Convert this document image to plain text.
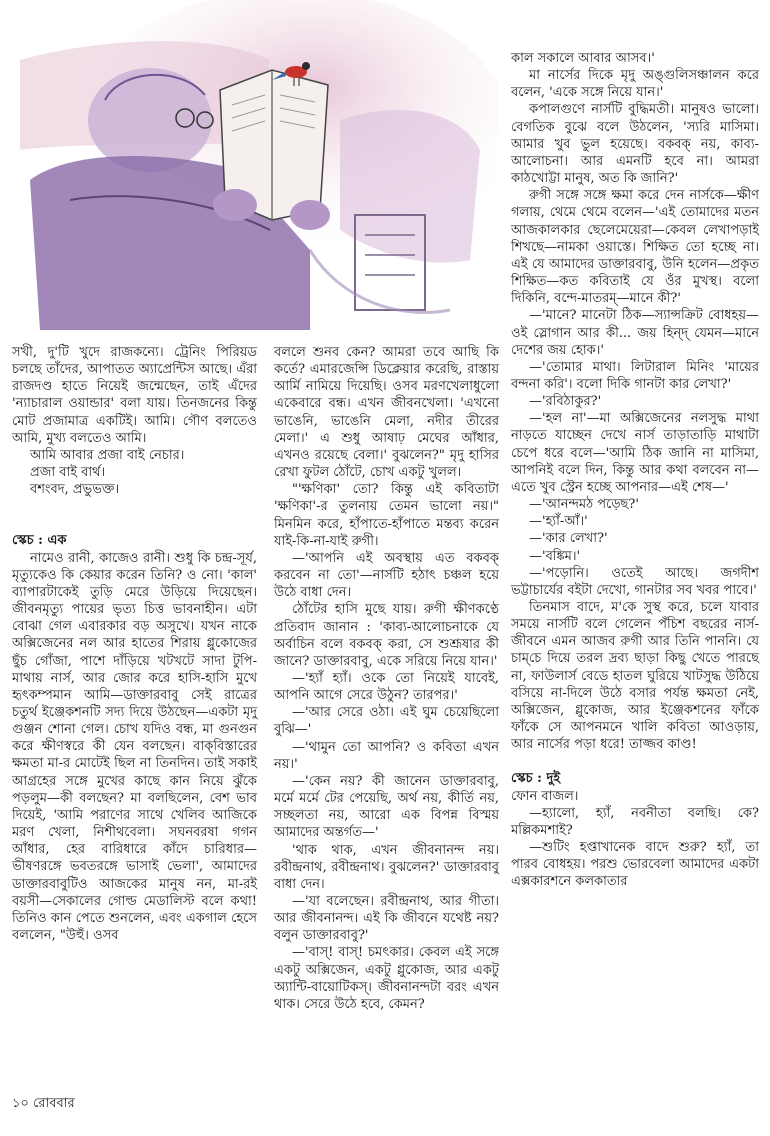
সখী, দু'টি খুদে রাজকন্যে। ট্রেনিং পিরিয়ড চলছে তাঁদের, আপাতত অ্যাপ্রেন্টিস আছে। এঁরা রাজদণ্ড হাতে নিয়েই জন্মেছেন, তাই এঁদের 'ন্যাচারাল ওয়ান্ডার' বলা যায়। তিনজনের কিন্তু মোট প্রজামাত্র একটিই। আমি। গৌণ বলতেও আমি, মুখ্য বলতেও আমি।

আমি আবার প্রজা বাই নেচার।

প্রজা বাই বার্থ।

বশংবদ, প্রভুভক্ত।

স্কেচ : এক

নামেও রানী, কাজেও রানী। শুধু কি চন্দ্র-সূর্য, মৃত্যুকেও কি কেয়ার করেন তিনি? ও নো। 'কাল' ব্যাপারটাকেই তুড়ি মেরে উড়িয়ে দিয়েছেন। জীবনমৃত্যু পায়ের ভৃত্য চিত্ত ভাবনাহীন। এটা বোঝা গেল এবারকার বড় অসুখে। যখন নাকে অক্সিজেনের নল আর হাতের শিরায় গ্লুকোজের ছুঁচ গোঁজা, পাশে দাঁড়িয়ে খটখটে সাদা টুপি-মাথায় নার্স, আর জোর করে হাসি-হাসি মুখে হৃৎকম্পমান আমি—ডাক্তারবাবু সেই রাত্রের চতুর্থ ইঞ্জেকশনটি সদ্য দিয়ে উঠছেন—একটা মৃদু গুঞ্জন শোনা গেল। চোখ যদিও বন্ধ, মা গুনগুন করে ক্ষীণস্বরে কী যেন বলছেন। বাক্‌বিস্তারের ক্ষমতা মা-র মোটেই ছিল না তিনদিন। তাই সকাই আগ্রহের সঙ্গে মুখের কাছে কান নিয়ে ঝুঁকে পড়লুম—কী বলছেন? মা বলছিলেন, বেশ ভাব দিয়েই, 'আমি পরাণের সাথে খেলিব আজিকে মরণ খেলা, নিশীথবেলা। সঘনবরষা গগন আঁধার, হের বারিধারে কাঁদে চারিধার—ভীষণরঙ্গে ভবতরঙ্গে ভাসাই ভেলা', আমাদের ডাক্তারবাবুটিও আজকের মানুষ নন, মা-রই বয়সী—সেকালের গোল্ড মেডালিস্ট বলে কথা! তিনিও কান পেতে শুনলেন, এবং একগাল হেসে বললেন, "উহুঁ। ওসব

বললে শুনব কেন? আমরা তবে আছি কি কর্তে? এমারজেন্সি ডিক্লেয়ার করেছি, রাস্তায় আর্মি নামিয়ে দিয়েছি। ওসব মরণখেলাধুলো একেবারে বন্ধ। এখন জীবনখেলা। 'এখনো ভাঙেনি, ভাঙেনি মেলা, নদীর তীরের মেলা।' এ শুধু আষাঢ় মেঘের আঁধার, এখনও রয়েছে বেলা।' বুঝলেন?" মৃদু হাসির রেখা ফুটল ঠোঁটে, চোখ একটু খুলল।

"'ক্ষণিকা' তো? কিন্তু এই কবিতাটা 'ক্ষণিকা'-র তুলনায় তেমন ভালো নয়।" মিনমিন করে, হাঁপাতে-হাঁপাতে মন্তব্য করেন যাই-কি-না-যাই রুগী।

—'আপনি এই অবস্থায় এত বকবক্‌ করবেন না তো'—নার্সটি হঠাৎ চঞ্চল হয়ে উঠে বাধা দেন।

ঠোঁটের হাসি মুছে যায়। রুগী ক্ষীণকণ্ঠে প্রতিবাদ জানান : 'কাব্য-আলোচনাকে যে অর্বাচিন বলে বকবক্‌ করা, সে শুশ্রূষার কী জানে? ডাক্তারবাবু, একে সরিয়ে নিয়ে যান।'

—'হ্যাঁ হ্যাঁ। ওকে তো নিয়েই যাবেই, আপনি আগে সেরে উঠুন? তারপর।'

—'আর সেরে ওঠা। এই ঘুম চেয়েছিলো বুঝি—'

—'থামুন তো আপনি? ও কবিতা এখন নয়।'

—'কেন নয়? কী জানেন ডাক্তারবাবু, মর্মে মর্মে টের পেয়েছি, অর্থ নয়, কীর্তি নয়, সচ্ছলতা নয়, আরো এক বিপন্ন বিস্ময় আমাদের অন্তর্গত—'

'থাক থাক, এখন জীবনানন্দ নয়। রবীন্দ্রনাথ, রবীন্দ্রনাথ। বুঝলেন?' ডাক্তারবাবু বাধা দেন।

—'যা বলেছেন। রবীন্দ্রনাথ, আর গীতা। আর জীবনানন্দ। এই কি জীবনে যথেষ্ট নয়? বলুন ডাক্তারবাবু?'

—'বাস্‌! বাস্‌! চমৎকার। কেবল এই সঙ্গে একটু অক্সিজেন, একটু গ্লুকোজ, আর একটু অ্যান্টি-বায়োটিকস্‌। জীবনানন্দটা বরং এখন থাক। সেরে উঠে হবে, কেমন?

কাল সকালে আবার আসব।'

মা নার্সের দিকে মৃদু অঙ্গুলিসঞ্চালন করে বলেন, 'একে সঙ্গে নিয়ে যান।'

কপালগুণে নার্সটি বুদ্ধিমতী। মানুষও ভালো। বেগতিক বুঝে বলে উঠলেন, 'স্যরি মাসিমা। আমার খুব ভুল হয়েছে। বকবক্‌ নয়, কাব্য-আলোচনা। আর এমনটি হবে না। আমরা কাঠখোট্টা মানুষ, অত কি জানি?'

রুগী সঙ্গে সঙ্গে ক্ষমা করে দেন নার্সকে—ক্ষীণ গলায়, থেমে থেমে বলেন—'এই তোমাদের মতন আজকালকার ছেলেমেয়েরা—কেবল লেখাপড়াই শিখছে—নামকা ওয়াস্তে। শিক্ষিত তো হচ্ছে না। এই যে আমাদের ডাক্তারবাবু, উনি হলেন—প্রকৃত শিক্ষিত—কত কবিতাই যে ওঁর মুখস্থ। বলো দিকিনি, বন্দে-মাতরম্‌—মানে কী?'

—'মানে? মানেটা ঠিক—স্যান্সক্রিট বোধহয়—ওই স্লোগান আর কী... জয় হিন্দ্‌ যেমন—মানে দেশের জয় হোক।'

—'তোমার মাথা। লিটারাল মিনিং 'মায়ের বন্দনা করি'। বলো দিকি গানটা কার লেখা?'

—'রবিঠাকুর?'

—'হল না'—মা অক্সিজেনের নলসুদ্ধ মাথা নাড়তে যাচ্ছেন দেখে নার্স তাড়াতাড়ি মাথাটা চেপে ধরে বলে—'আমি ঠিক জানি না মাসিমা, আপনিই বলে দিন, কিন্তু আর কথা বলবেন না—এতে খুব স্ট্রেন হচ্ছে আপনার—এই শেষ—'

—'আনন্দমঠ পড়েছ?'

—'হ্যাঁ-আঁ।'

—'কার লেখা?'

—'বঙ্কিম।'

—'পড়োনি। ওতেই আছে। জগদীশ ভট্টাচার্যের বইটা দেখো, গানটার সব খবর পাবে।'

তিনমাস বাদে, ম'কে সুস্থ করে, চলে যাবার সময়ে নার্সটি বলে গেলেন পঁচিশ বছরের নার্স-জীবনে এমন আজব রুগী আর তিনি পাননি। যে চাম্‌চে দিয়ে তরল দ্রব্য ছাড়া কিছু খেতে পারছে না, ফাউলার্স বেডে হাতল ঘুরিয়ে খাটসুদ্ধ উঠিয়ে বসিয়ে না-দিলে উঠে বসার পর্যন্ত ক্ষমতা নেই, অক্সিজেন, গ্লুকোজ, আর ইঞ্জেকশনের ফাঁকে ফাঁকে সে আপনমনে খালি কবিতা আওড়ায়, আর নার্সের পড়া ধরে! তাজ্জব কাণ্ড!

স্কেচ : দুই

ফোন বাজল।

—হ্যালো, হ্যাঁ, নবনীতা বলছি। কে? মল্লিকমশাই?

—শুটিং হপ্তাখানেক বাদে শুরু? হ্যাঁ, তা পারব বোধহয়। পরশু ভোরবেলা আমাদের একটা এক্সকারশনে কলকাতার

১০ রোববার
